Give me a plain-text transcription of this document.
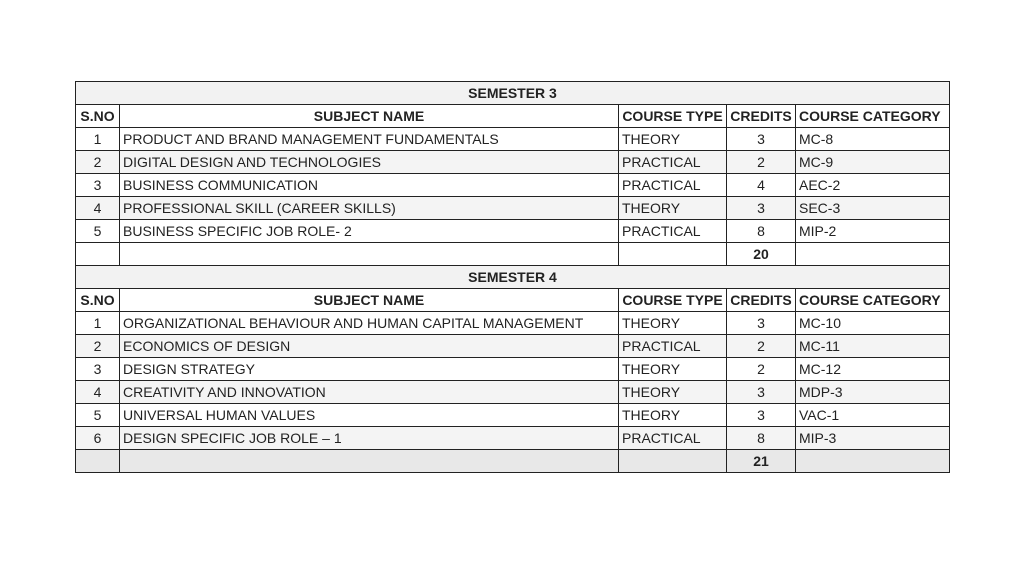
SEMESTER 3				
S.NO	SUBJECT NAME	COURSE TYPE	CREDITS	COURSE CATEGORY
1	PRODUCT AND BRAND MANAGEMENT FUNDAMENTALS	THEORY	3	MC-8
2	DIGITAL DESIGN AND TECHNOLOGIES	PRACTICAL	2	MC-9
3	BUSINESS COMMUNICATION	PRACTICAL	4	AEC-2
4	PROFESSIONAL SKILL (CAREER SKILLS)	THEORY	3	SEC-3
5	BUSINESS SPECIFIC JOB ROLE- 2	PRACTICAL	8	MIP-2
			20	
SEMESTER 4				
S.NO	SUBJECT NAME	COURSE TYPE	CREDITS	COURSE CATEGORY
1	ORGANIZATIONAL BEHAVIOUR AND HUMAN CAPITAL MANAGEMENT	THEORY	3	MC-10
2	ECONOMICS OF DESIGN	PRACTICAL	2	MC-11
3	DESIGN STRATEGY	THEORY	2	MC-12
4	CREATIVITY AND INNOVATION	THEORY	3	MDP-3
5	UNIVERSAL HUMAN VALUES	THEORY	3	VAC-1
6	DESIGN SPECIFIC JOB ROLE – 1	PRACTICAL	8	MIP-3
			21	
